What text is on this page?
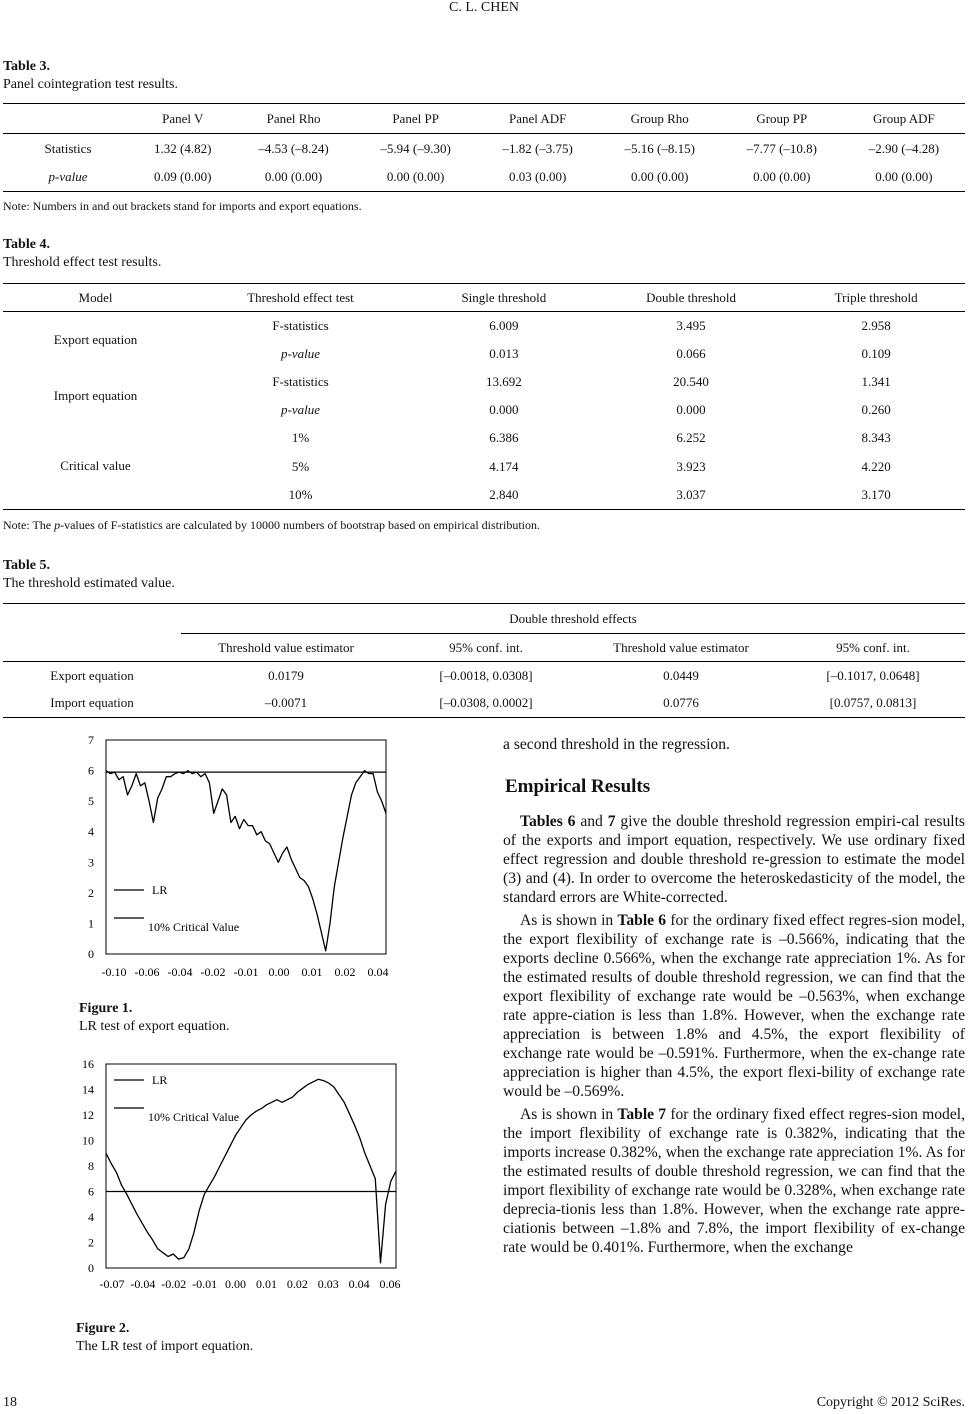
C. L. CHEN
Table 3.
Panel cointegration test results.
	Panel V	Panel Rho	Panel PP	Panel ADF	Group Rho	Group PP	Group ADF
Statistics	1.32 (4.82)	–4.53 (–8.24)	–5.94 (–9.30)	–1.82 (–3.75)	–5.16 (–8.15)	–7.77 (–10.8)	–2.90 (–4.28)
p-value	0.09 (0.00)	0.00 (0.00)	0.00 (0.00)	0.03 (0.00)	0.00 (0.00)	0.00 (0.00)	0.00 (0.00)
Note: Numbers in and out brackets stand for imports and export equations.
Table 4.
Threshold effect test results.
Model	Threshold effect test	Single threshold	Double threshold	Triple threshold
Export equation	F-statistics	6.009	3.495	2.958
	p-value	0.013	0.066	0.109
Import equation	F-statistics	13.692	20.540	1.341
	p-value	0.000	0.000	0.260
Critical value	1%	6.386	6.252	8.343
	5%	4.174	3.923	4.220
	10%	2.840	3.037	3.170
Note: The p-values of F-statistics are calculated by 10000 numbers of bootstrap based on empirical distribution.
Table 5.
The threshold estimated value.
	Double threshold effects			
	Threshold value estimator	95% conf. int.	Threshold value estimator	95% conf. int.
Export equation	0.0179	[–0.0018, 0.0308]	0.0449	[–0.1017, 0.0648]
Import equation	–0.0071	[–0.0308, 0.0002]	0.0776	[0.0757, 0.0813]
0
1
2
3
4
5
6
7
-0.10 -0.06 -0.04 -0.02 -0.01 0.00 0.01 0.02 0.04
LR
10% Critical Value
Figure 1.
LR test of export equation.
0
2
4
6
8
10
12
14
16
-0.07 -0.04 -0.02 -0.01 0.00 0.01 0.02 0.03 0.04 0.06
LR
10% Critical Value
Figure 2.
The LR test of import equation.
a second threshold in the regression.
Empirical Results

Tables 6 and 7 give the double threshold regression empiri-cal results of the exports and import equation, respectively. We use ordinary fixed effect regression and double threshold re-gression to estimate the model (3) and (4). In order to overcome the heteroskedasticity of the model, the standard errors are White-corrected.

As is shown in Table 6 for the ordinary fixed effect regres-sion model, the export flexibility of exchange rate is –0.566%, indicating that the exports decline 0.566%, when the exchange rate appreciation 1%. As for the estimated results of double threshold regression, we can find that the export flexibility of exchange rate would be –0.563%, when exchange rate appre-ciation is less than 1.8%. However, when the exchange rate appreciation is between 1.8% and 4.5%, the export flexibility of exchange rate would be –0.591%. Furthermore, when the ex-change rate appreciation is higher than 4.5%, the export flexi-bility of exchange rate would be –0.569%.

As is shown in Table 7 for the ordinary fixed effect regres-sion model, the import flexibility of exchange rate is 0.382%, indicating that the imports increase 0.382%, when the exchange rate appreciation 1%. As for the estimated results of double threshold regression, we can find that the import flexibility of exchange rate would be 0.328%, when exchange rate deprecia-tionis less than 1.8%. However, when the exchange rate appre-ciationis between –1.8% and 7.8%, the import flexibility of ex-change rate would be 0.401%. Furthermore, when the exchange

18	Copyright © 2012 SciRes.
